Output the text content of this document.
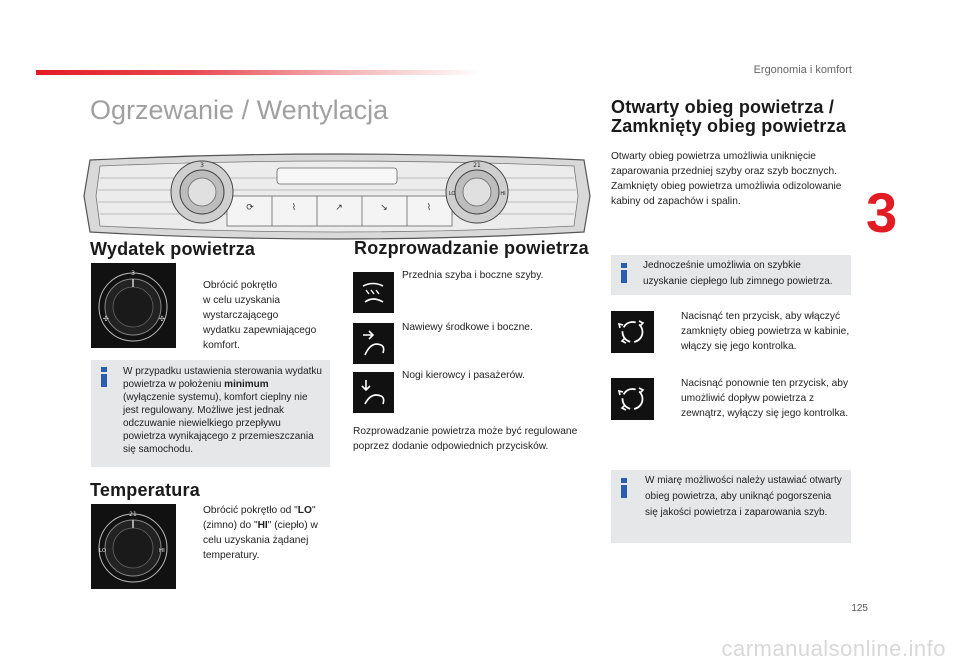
Ergonomia i komfort
3
125
Ogrzewanie / Wentylacja
⟳	⌇	↗	↘	⌇
3	21
LO	HI
Wydatek powietrza
3
✣	✣

Obrócić pokrętło
w celu uzyskania
wystarczającego
wydatku zapewniającego
komfort.

W przypadku ustawienia sterowania wydatku powietrza w położeniu minimum (wyłączenie systemu), komfort cieplny nie jest regulowany. Możliwe jest jednak odczuwanie niewielkiego przepływu powietrza wynikającego z przemieszczania się samochodu.
Temperatura
21
LO	HI
Obrócić pokrętło od "LO" (zimno) do "HI" (ciepło) w celu uzyskania żądanej temperatury.
Rozprowadzanie powietrza
Przednia szyba i boczne szyby.
Nawiewy środkowe i boczne.
Nogi kierowcy i pasażerów.
Rozprowadzanie powietrza może być regulowane poprzez dodanie odpowiednich przycisków.
Otwarty obieg powietrza /
Zamknięty obieg powietrza
Otwarty obieg powietrza umożliwia uniknięcie zaparowania przedniej szyby oraz szyb bocznych.
Zamknięty obieg powietrza umożliwia odizolowanie kabiny od zapachów i spalin.
Jednocześnie umożliwia on szybkie uzyskanie ciepłego lub zimnego powietrza.
Nacisnąć ten przycisk, aby włączyć zamknięty obieg powietrza w kabinie, włączy się jego kontrolka.
Nacisnąć ponownie ten przycisk, aby umożliwić dopływ powietrza z zewnątrz, wyłączy się jego kontrolka.
W miarę możliwości należy ustawiać otwarty obieg powietrza, aby uniknąć pogorszenia się jakości powietrza i zaparowania szyb.
carmanualsonline.info
